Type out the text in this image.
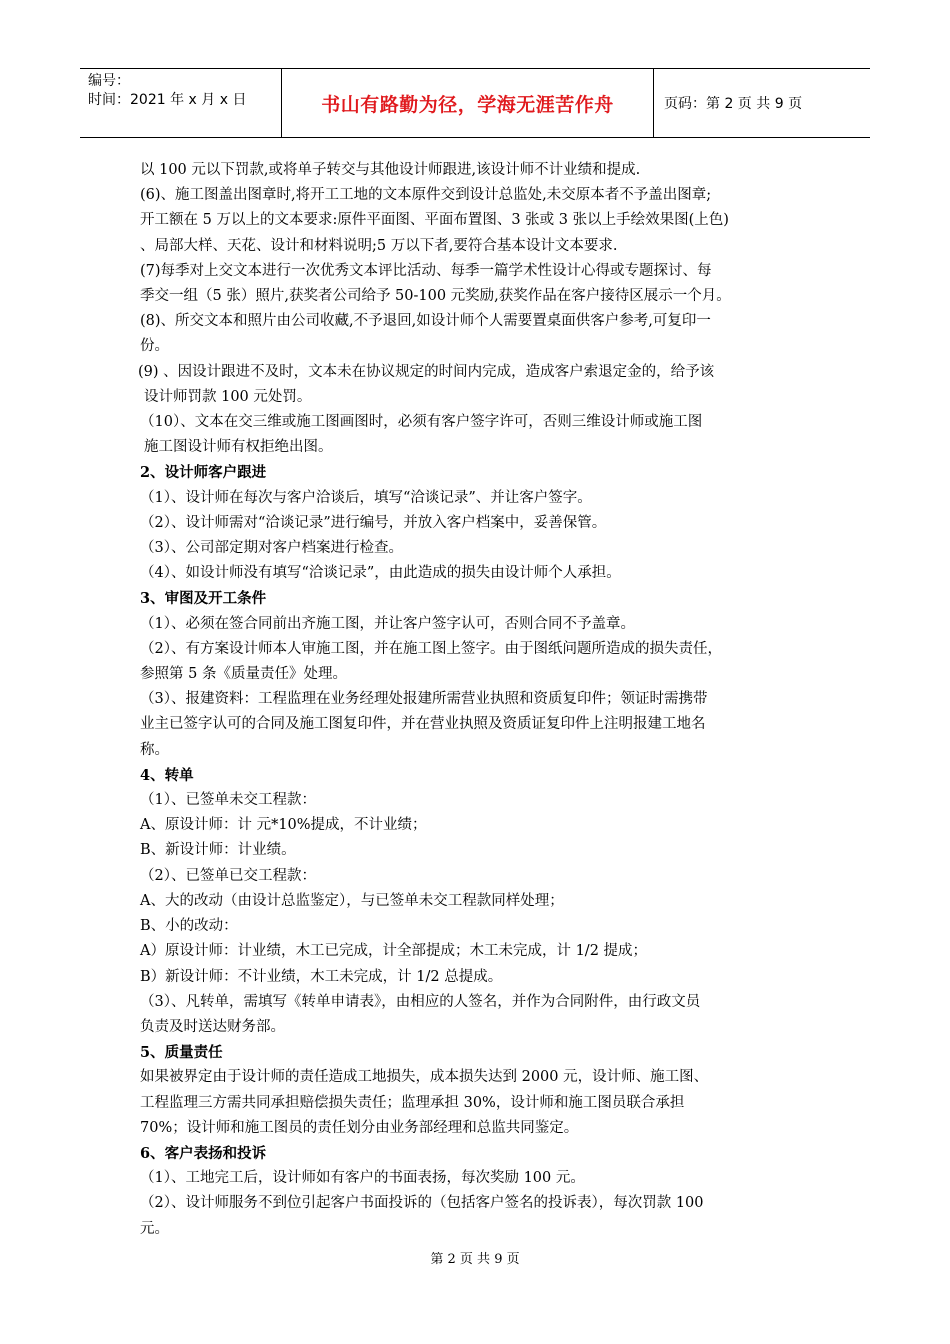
编号：
时间：2021 年 x 月 x 日	书山有路勤为径，学海无涯苦作舟	页码：第 2 页 共 9 页
以 100 元以下罚款,或将单子转交与其他设计师跟进,该设计师不计业绩和提成.
(6)、施工图盖出图章时,将开工工地的文本原件交到设计总监处,未交原本者不予盖出图章;
开工额在 5 万以上的文本要求:原件平面图、平面布置图、3 张或 3 张以上手绘效果图(上色)
、局部大样、天花、设计和材料说明;5 万以下者,要符合基本设计文本要求.
(7)每季对上交文本进行一次优秀文本评比活动、每季一篇学术性设计心得或专题探讨、每
季交一组（5 张）照片,获奖者公司给予 50-100 元奖励,获奖作品在客户接待区展示一个月。
(8)、所交文本和照片由公司收藏,不予退回,如设计师个人需要置桌面供客户参考,可复印一
份。
(9) 、因设计跟进不及时，文本未在协议规定的时间内完成，造成客户索退定金的，给予该
设计师罚款 100 元处罚。
（10）、文本在交三维或施工图画图时，必须有客户签字许可，否则三维设计师或施工图
施工图设计师有权拒绝出图。
2、设计师客户跟进
（1）、设计师在每次与客户洽谈后，填写“洽谈记录”、并让客户签字。
（2）、设计师需对“洽谈记录”进行编号，并放入客户档案中，妥善保管。
（3）、公司部定期对客户档案进行检查。
（4）、如设计师没有填写“洽谈记录”，由此造成的损失由设计师个人承担。
3、审图及开工条件
（1）、必须在签合同前出齐施工图，并让客户签字认可，否则合同不予盖章。
（2）、有方案设计师本人审施工图，并在施工图上签字。由于图纸问题所造成的损失责任，
参照第 5 条《质量责任》处理。
（3）、报建资料：工程监理在业务经理处报建所需营业执照和资质复印件；领证时需携带
业主已签字认可的合同及施工图复印件，并在营业执照及资质证复印件上注明报建工地名
称。
4、转单
（1）、已签单未交工程款：
A、原设计师：计 元*10%提成，不计业绩；
B、新设计师：计业绩。
（2）、已签单已交工程款：
A、大的改动（由设计总监鉴定），与已签单未交工程款同样处理；
B、小的改动：
A）原设计师：计业绩，木工已完成，计全部提成；木工未完成，计 1/2 提成；
B）新设计师：不计业绩，木工未完成，计 1/2 总提成。
（3）、凡转单，需填写《转单申请表》，由相应的人签名，并作为合同附件，由行政文员
负责及时送达财务部。
5、质量责任
如果被界定由于设计师的责任造成工地损失，成本损失达到 2000 元，设计师、施工图、
工程监理三方需共同承担赔偿损失责任；监理承担 30%，设计师和施工图员联合承担
70%；设计师和施工图员的责任划分由业务部经理和总监共同鉴定。
6、客户表扬和投诉
（1）、工地完工后，设计师如有客户的书面表扬，每次奖励 100 元。
（2）、设计师服务不到位引起客户书面投诉的（包括客户签名的投诉表），每次罚款 100
元。
第 2 页 共 9 页
